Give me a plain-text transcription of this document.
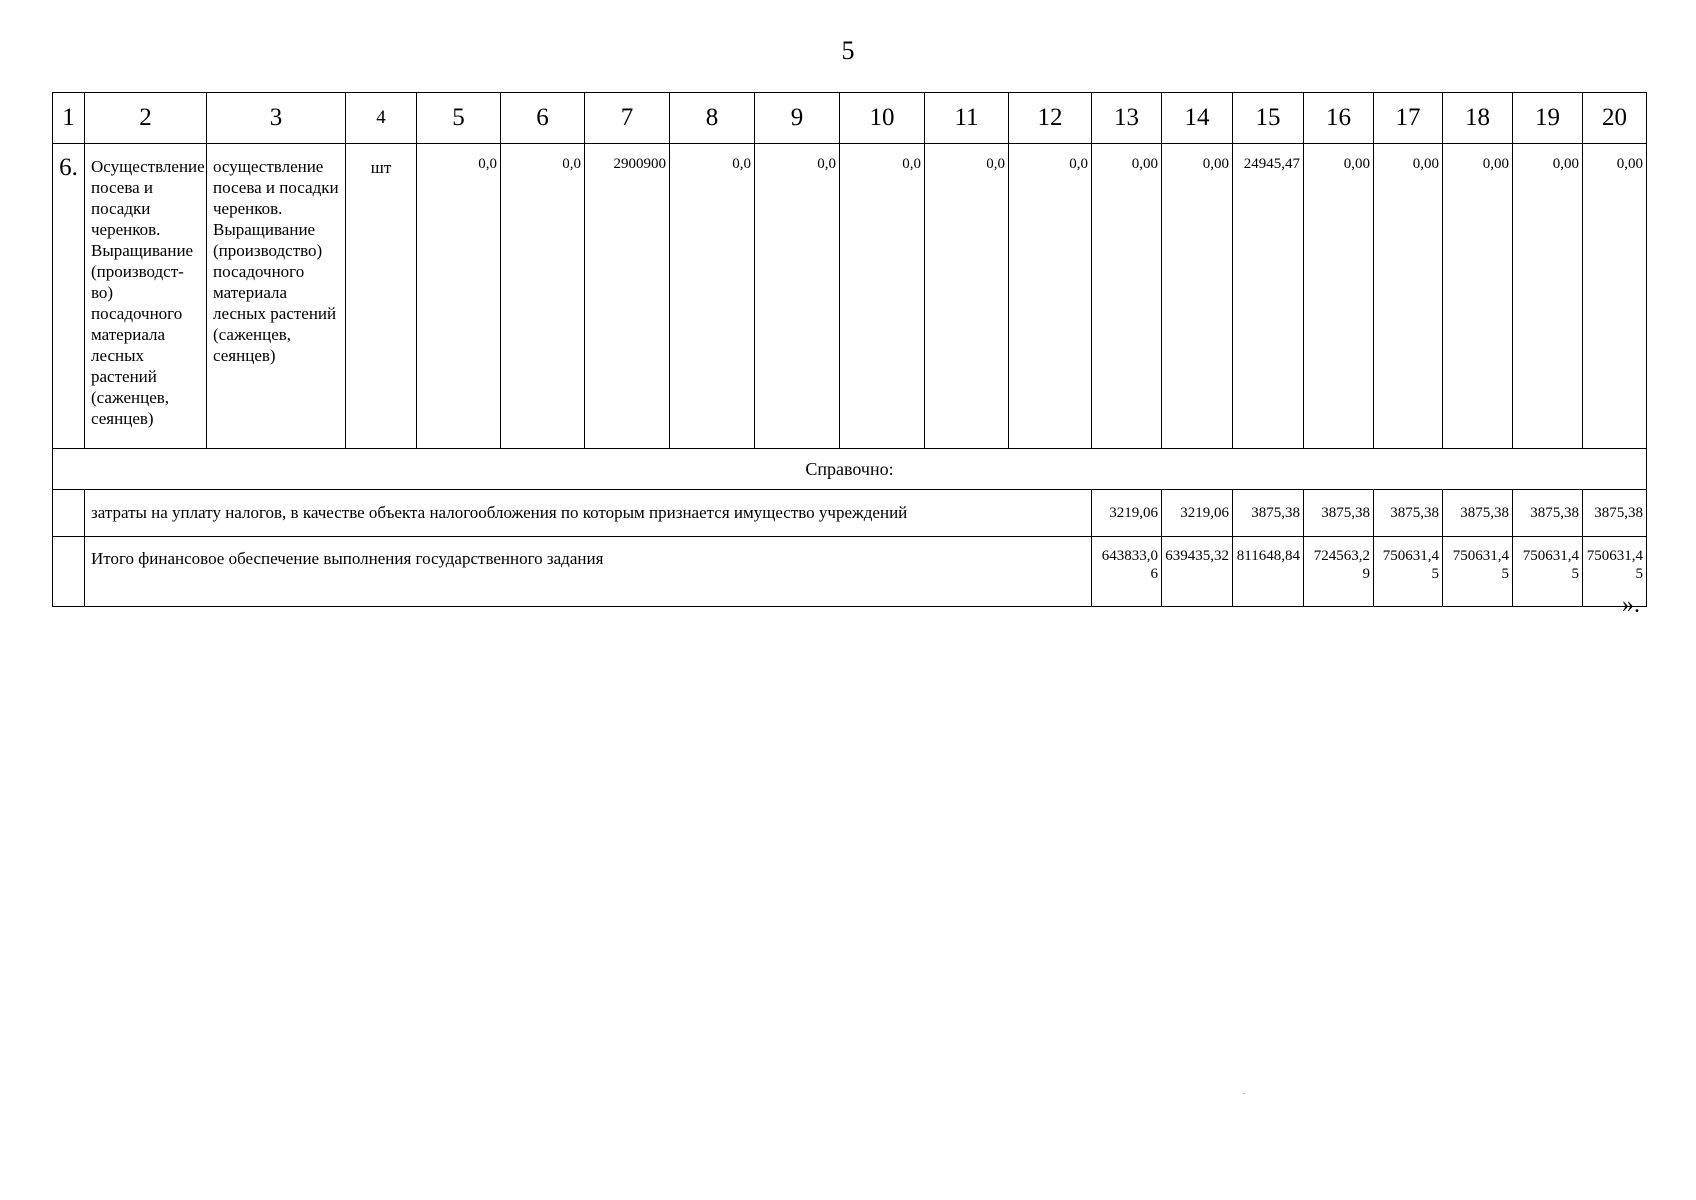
5
1	2	3	4	5	6	7	8	9	10	11	12	13	14	15	16	17	18	19	20
6.	Осуществление посева и посадки черенков. Выращивание (производст-во) посадочного материала лесных растений (саженцев, сеянцев)	осуществление посева и посадки черенков. Выращивание (производство) посадочного материала лесных растений (саженцев, сеянцев)	шт	0,0	0,0	2900900	0,0	0,0	0,0	0,0	0,0	0,00	0,00	24945,47	0,00	0,00	0,00	0,00	0,00
Справочно:																			
	затраты на уплату налогов, в качестве объекта налогообложения по которым признается имущество учреждений											3219,06	3219,06	3875,38	3875,38	3875,38	3875,38	3875,38	3875,38
	Итого финансовое обеспечение выполнения государственного задания											643833,06	639435,32	811648,84	724563,29	750631,45	750631,45	750631,45	750631,45
».
